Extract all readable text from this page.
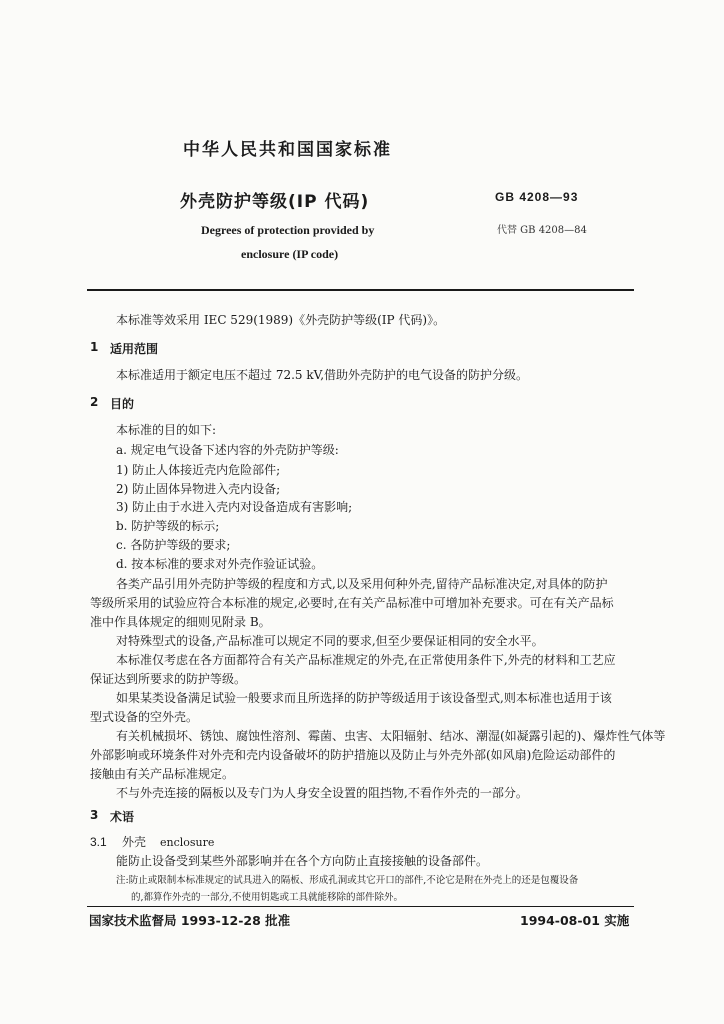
中华人民共和国国家标准
外壳防护等级(IP 代码)	GB 4208—93
代替 GB 4208—84
Degrees of protection provided by
enclosure (IP code)
本标准等效采用 IEC 529(1989)《外壳防护等级(IP 代码)》。
1 适用范围
本标准适用于额定电压不超过 72.5 kV,借助外壳防护的电气设备的防护分级。
2 目的
本标准的目的如下:
a. 规定电气设备下述内容的外壳防护等级:
1) 防止人体接近壳内危险部件;
2) 防止固体异物进入壳内设备;
3) 防止由于水进入壳内对设备造成有害影响;
b. 防护等级的标示;
c. 各防护等级的要求;
d. 按本标准的要求对外壳作验证试验。
各类产品引用外壳防护等级的程度和方式,以及采用何种外壳,留待产品标准决定,对具体的防护
等级所采用的试验应符合本标准的规定,必要时,在有关产品标准中可增加补充要求。可在有关产品标
准中作具体规定的细则见附录 B。
对特殊型式的设备,产品标准可以规定不同的要求,但至少要保证相同的安全水平。
本标准仅考虑在各方面都符合有关产品标准规定的外壳,在正常使用条件下,外壳的材料和工艺应
保证达到所要求的防护等级。
如果某类设备满足试验一般要求而且所选择的防护等级适用于该设备型式,则本标准也适用于该
型式设备的空外壳。
有关机械损坏、锈蚀、腐蚀性溶剂、霉菌、虫害、太阳辐射、结冰、潮湿(如凝露引起的)、爆炸性气体等
外部影响或环境条件对外壳和壳内设备破坏的防护措施以及防止与外壳外部(如风扇)危险运动部件的
接触由有关产品标准规定。
不与外壳连接的隔板以及专门为人身安全设置的阻挡物,不看作外壳的一部分。
3 术语
3.1 外壳 enclosure
能防止设备受到某些外部影响并在各个方向防止直接接触的设备部件。
注:防止或限制本标准规定的试具进入的隔板、形成孔洞或其它开口的部件,不论它是附在外壳上的还是包覆设备
的,都算作外壳的一部分,不使用钥匙或工具就能移除的部件除外。
国家技术监督局 1993-12-28 批准	1994-08-01 实施
